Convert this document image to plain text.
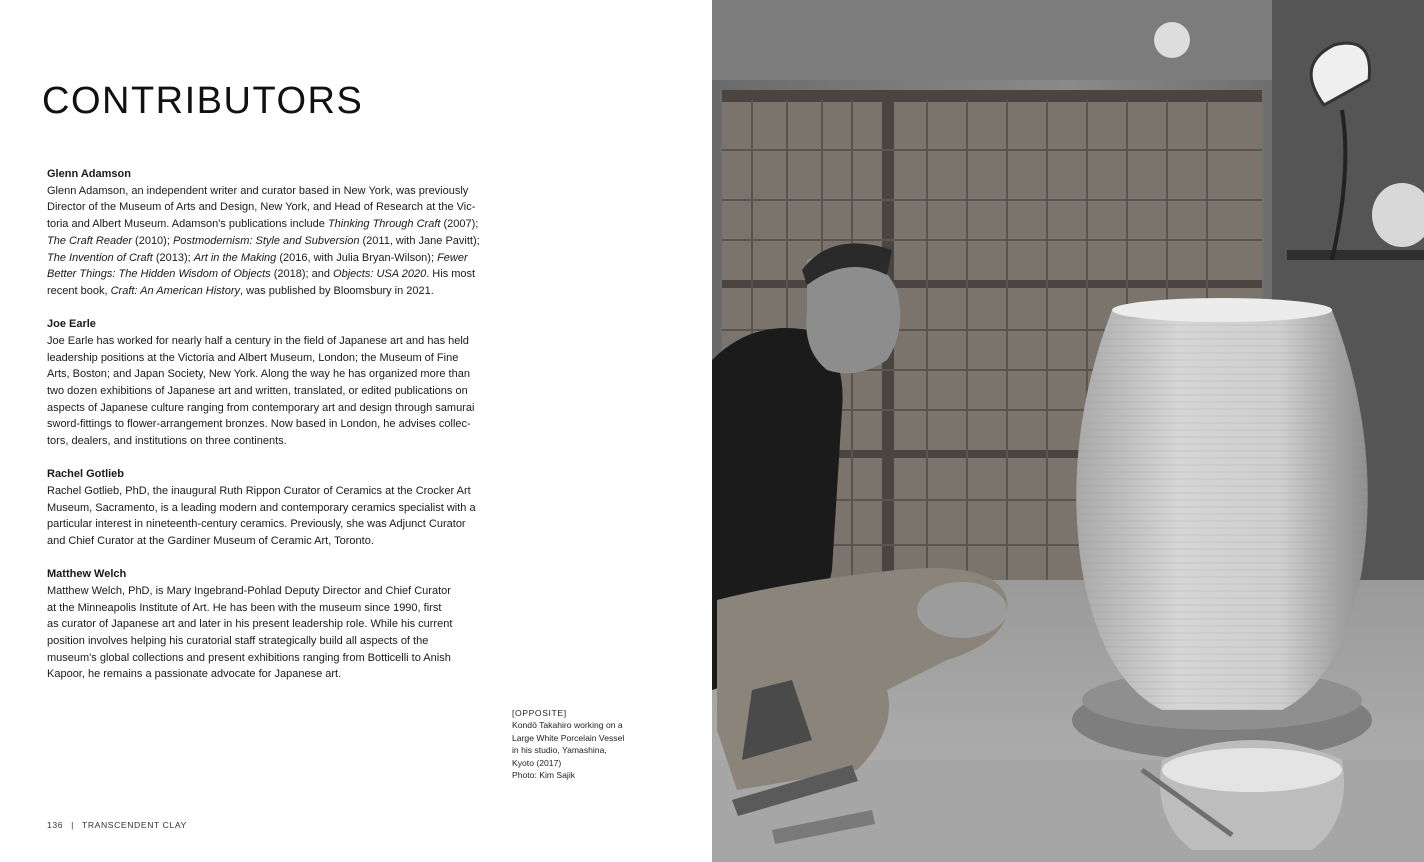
CONTRIBUTORS

Glenn Adamson

Glenn Adamson, an independent writer and curator based in New York, was previously
Director of the Museum of Arts and Design, New York, and Head of Research at the Vic-
toria and Albert Museum. Adamson's publications include Thinking Through Craft (2007);
The Craft Reader (2010); Postmodernism: Style and Subversion (2011, with Jane Pavitt);
The Invention of Craft (2013); Art in the Making (2016, with Julia Bryan-Wilson); Fewer
Better Things: The Hidden Wisdom of Objects (2018); and Objects: USA 2020. His most
recent book, Craft: An American History, was published by Bloomsbury in 2021.

Joe Earle

Joe Earle has worked for nearly half a century in the field of Japanese art and has held
leadership positions at the Victoria and Albert Museum, London; the Museum of Fine
Arts, Boston; and Japan Society, New York. Along the way he has organized more than
two dozen exhibitions of Japanese art and written, translated, or edited publications on
aspects of Japanese culture ranging from contemporary art and design through samurai
sword-fittings to flower-arrangement bronzes. Now based in London, he advises collec-
tors, dealers, and institutions on three continents.

Rachel Gotlieb

Rachel Gotlieb, PhD, the inaugural Ruth Rippon Curator of Ceramics at the Crocker Art
Museum, Sacramento, is a leading modern and contemporary ceramics specialist with a
particular interest in nineteenth-century ceramics. Previously, she was Adjunct Curator
and Chief Curator at the Gardiner Museum of Ceramic Art, Toronto.

Matthew Welch

Matthew Welch, PhD, is Mary Ingebrand-Pohlad Deputy Director and Chief Curator
at the Minneapolis Institute of Art. He has been with the museum since 1990, first
as curator of Japanese art and later in his present leadership role. While his current
position involves helping his curatorial staff strategically build all aspects of the
museum's global collections and present exhibitions ranging from Botticelli to Anish
Kapoor, he remains a passionate advocate for Japanese art.

[OPPOSITE]
Kondō Takahiro working on a
Large White Porcelain Vessel
in his studio, Yamashina,
Kyoto (2017)
Photo: Kim Sajik
136 | TRANSCENDENT CLAY
